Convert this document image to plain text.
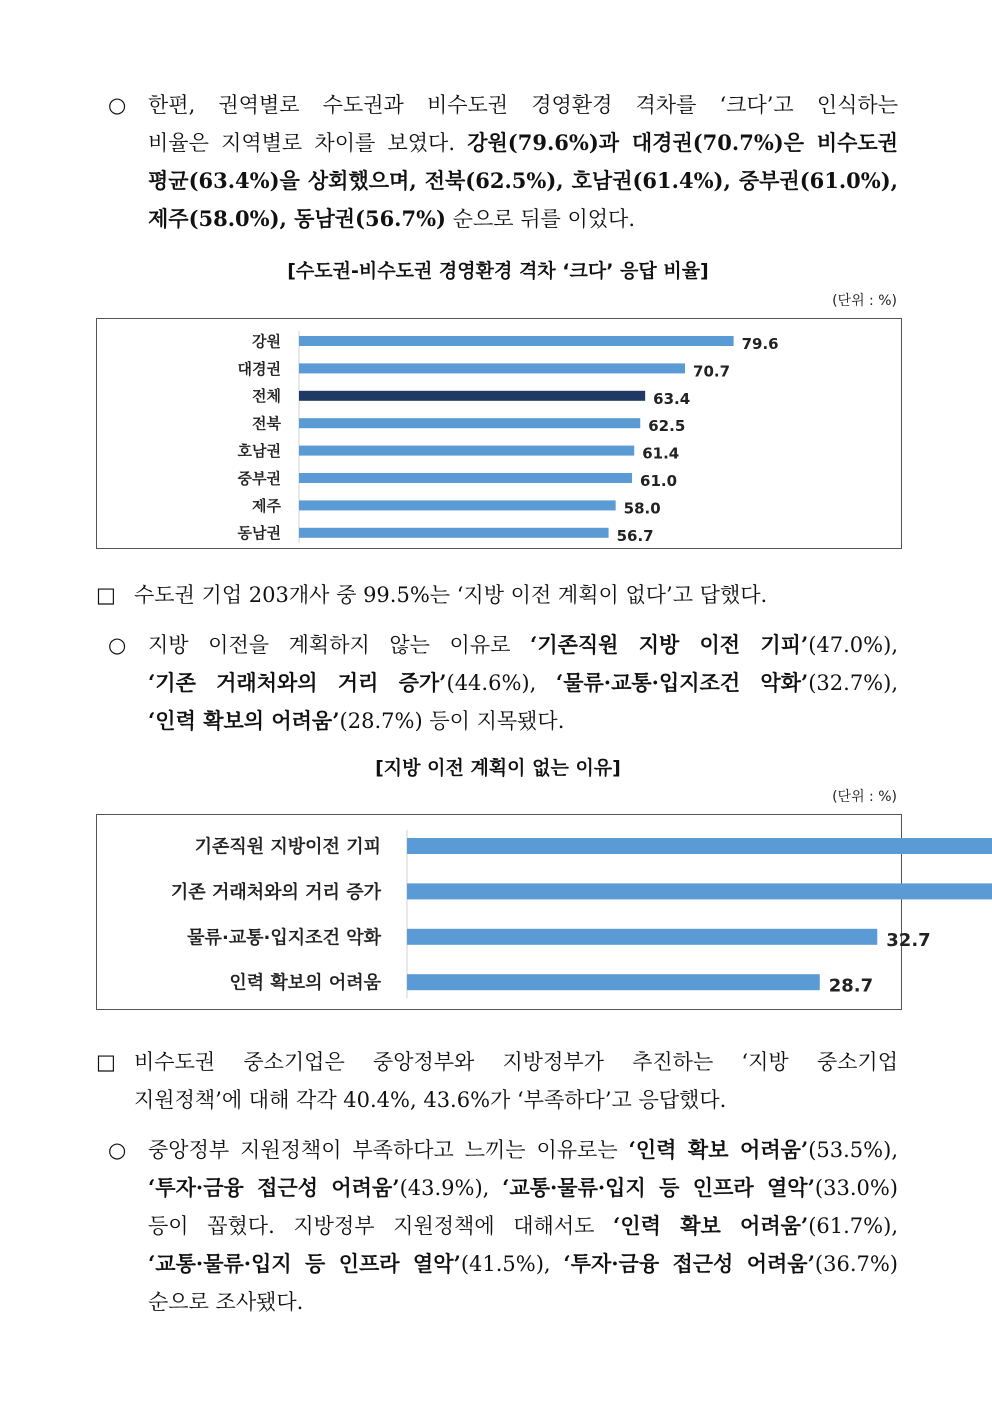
○ 한편, 권역별로 수도권과 비수도권 경영환경 격차를 ‘크다’고 인식하는
비율은 지역별로 차이를 보였다. 강원(79.6%)과 대경권(70.7%)은 비수도권
평균(63.4%)을 상회했으며, 전북(62.5%), 호남권(61.4%), 중부권(61.0%),
제주(58.0%), 동남권(56.7%) 순으로 뒤를 이었다.
[수도권-비수도권 경영환경 격차 ‘크다’ 응답 비율]
(단위 : %)
강원	79.6
대경권	70.7
전체	63.4
전북	62.5
호남권	61.4
중부권	61.0
제주	58.0
동남권	56.7
□ 수도권 기업 203개사 중 99.5%는 ‘지방 이전 계획이 없다’고 답했다.
○ 지방 이전을 계획하지 않는 이유로 ‘기존직원 지방 이전 기피’(47.0%),
‘기존 거래처와의 거리 증가’(44.6%), ‘물류·교통·입지조건 악화’(32.7%),
‘인력 확보의 어려움’(28.7%) 등이 지목됐다.
[지방 이전 계획이 없는 이유]
(단위 : %)
기존직원 지방이전 기피
기존 거래처와의 거리 증가
물류·교통·입지조건 악화	32.7
인력 확보의 어려움	28.7
□ 비수도권 중소기업은 중앙정부와 지방정부가 추진하는 ‘지방 중소기업
지원정책’에 대해 각각 40.4%, 43.6%가 ‘부족하다’고 응답했다.
○ 중앙정부 지원정책이 부족하다고 느끼는 이유로는 ‘인력 확보 어려움’(53.5%),
‘투자·금융 접근성 어려움’(43.9%), ‘교통·물류·입지 등 인프라 열악’(33.0%)
등이 꼽혔다. 지방정부 지원정책에 대해서도 ‘인력 확보 어려움’(61.7%),
‘교통·물류·입지 등 인프라 열악’(41.5%), ‘투자·금융 접근성 어려움’(36.7%)
순으로 조사됐다.
